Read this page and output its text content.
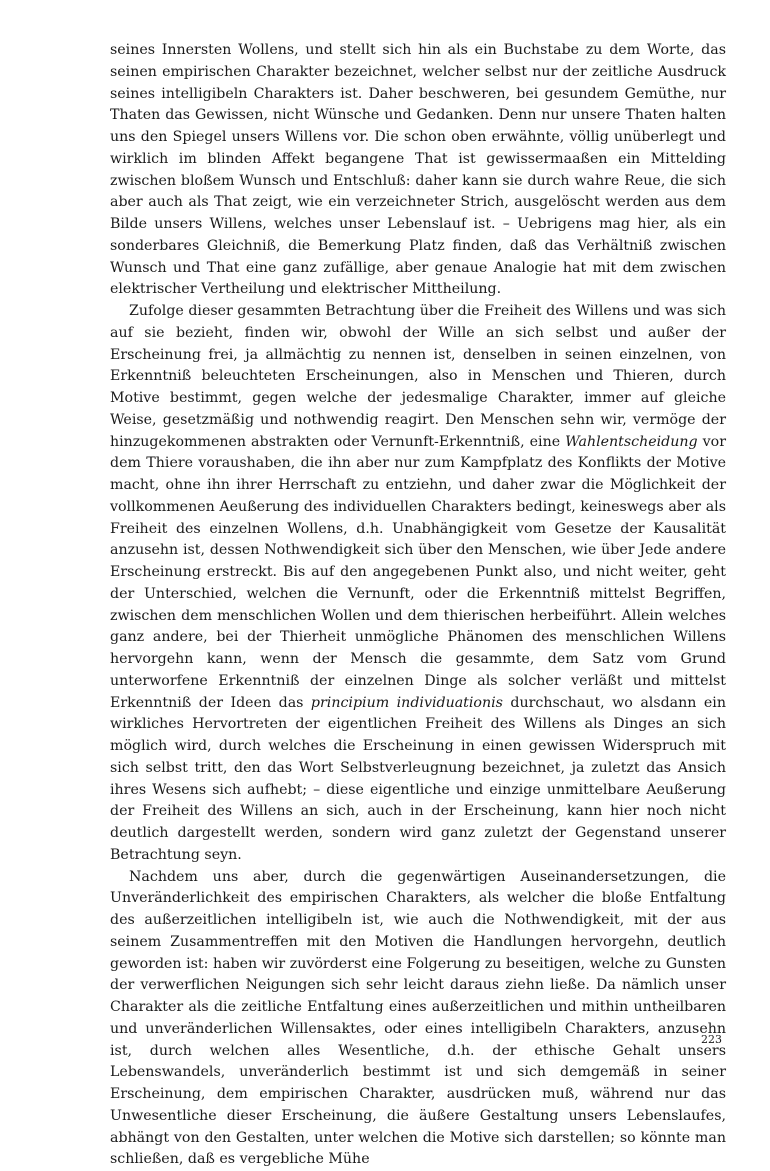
seines Innersten Wollens, und stellt sich hin als ein Buchstabe zu dem Worte, das seinen empirischen Charakter bezeichnet, welcher selbst nur der zeitliche Ausdruck seines intelligibeln Charakters ist. Daher beschweren, bei gesundem Gemüthe, nur Thaten das Gewissen, nicht Wünsche und Gedanken. Denn nur unsere Thaten halten uns den Spiegel unsers Willens vor. Die schon oben erwähnte, völlig unüberlegt und wirklich im blinden Affekt begangene That ist gewissermaaßen ein Mittelding zwischen bloßem Wunsch und Entschluß: daher kann sie durch wahre Reue, die sich aber auch als That zeigt, wie ein verzeichneter Strich, ausgelöscht werden aus dem Bilde unsers Willens, welches unser Lebenslauf ist. – Uebrigens mag hier, als ein sonderbares Gleichniß, die Bemerkung Platz finden, daß das Verhältniß zwischen Wunsch und That eine ganz zufällige, aber genaue Analogie hat mit dem zwischen elektrischer Vertheilung und elektrischer Mittheilung.

Zufolge dieser gesammten Betrachtung über die Freiheit des Willens und was sich auf sie bezieht, finden wir, obwohl der Wille an sich selbst und außer der Erscheinung frei, ja allmächtig zu nennen ist, denselben in seinen einzelnen, von Erkenntniß beleuchteten Erscheinungen, also in Menschen und Thieren, durch Motive bestimmt, gegen welche der jedesmalige Charakter, immer auf gleiche Weise, gesetzmäßig und nothwendig reagirt. Den Menschen sehn wir, vermöge der hinzugekommenen abstrakten oder Vernunft-Erkenntniß, eine Wahlentscheidung vor dem Thiere voraushaben, die ihn aber nur zum Kampfplatz des Konflikts der Motive macht, ohne ihn ihrer Herrschaft zu entziehn, und daher zwar die Möglichkeit der vollkommenen Aeußerung des individuellen Charakters bedingt, keineswegs aber als Freiheit des einzelnen Wollens, d.h. Unabhängigkeit vom Gesetze der Kausalität anzusehn ist, dessen Nothwendigkeit sich über den Menschen, wie über Jede andere Erscheinung erstreckt. Bis auf den angegebenen Punkt also, und nicht weiter, geht der Unterschied, welchen die Vernunft, oder die Erkenntniß mittelst Begriffen, zwischen dem menschlichen Wollen und dem thierischen herbeiführt. Allein welches ganz andere, bei der Thierheit unmögliche Phänomen des menschlichen Willens hervorgehn kann, wenn der Mensch die gesammte, dem Satz vom Grund unterworfene Erkenntniß der einzelnen Dinge als solcher verläßt und mittelst Erkenntniß der Ideen das principium individuationis durchschaut, wo alsdann ein wirkliches Hervortreten der eigentlichen Freiheit des Willens als Dinges an sich möglich wird, durch welches die Erscheinung in einen gewissen Widerspruch mit sich selbst tritt, den das Wort Selbstverleugnung bezeichnet, ja zuletzt das Ansich ihres Wesens sich aufhebt; – diese eigentliche und einzige unmittelbare Aeußerung der Freiheit des Willens an sich, auch in der Erscheinung, kann hier noch nicht deutlich dargestellt werden, sondern wird ganz zuletzt der Gegenstand unserer Betrachtung seyn.

Nachdem uns aber, durch die gegenwärtigen Auseinandersetzungen, die Unveränderlichkeit des empirischen Charakters, als welcher die bloße Entfaltung des außerzeitlichen intelligibeln ist, wie auch die Nothwendigkeit, mit der aus seinem Zusammentreffen mit den Motiven die Handlungen hervorgehn, deutlich geworden ist: haben wir zuvörderst eine Folgerung zu beseitigen, welche zu Gunsten der verwerflichen Neigungen sich sehr leicht daraus ziehn ließe. Da nämlich unser Charakter als die zeitliche Entfaltung eines außerzeitlichen und mithin untheilbaren und unveränderlichen Willensaktes, oder eines intelligibeln Charakters, anzusehn ist, durch welchen alles Wesentliche, d.h. der ethische Gehalt unsers Lebenswandels, unveränderlich bestimmt ist und sich demgemäß in seiner Erscheinung, dem empirischen Charakter, ausdrücken muß, während nur das Unwesentliche dieser Erscheinung, die äußere Gestaltung unsers Lebenslaufes, abhängt von den Gestalten, unter welchen die Motive sich darstellen; so könnte man schließen, daß es vergebliche Mühe

223
